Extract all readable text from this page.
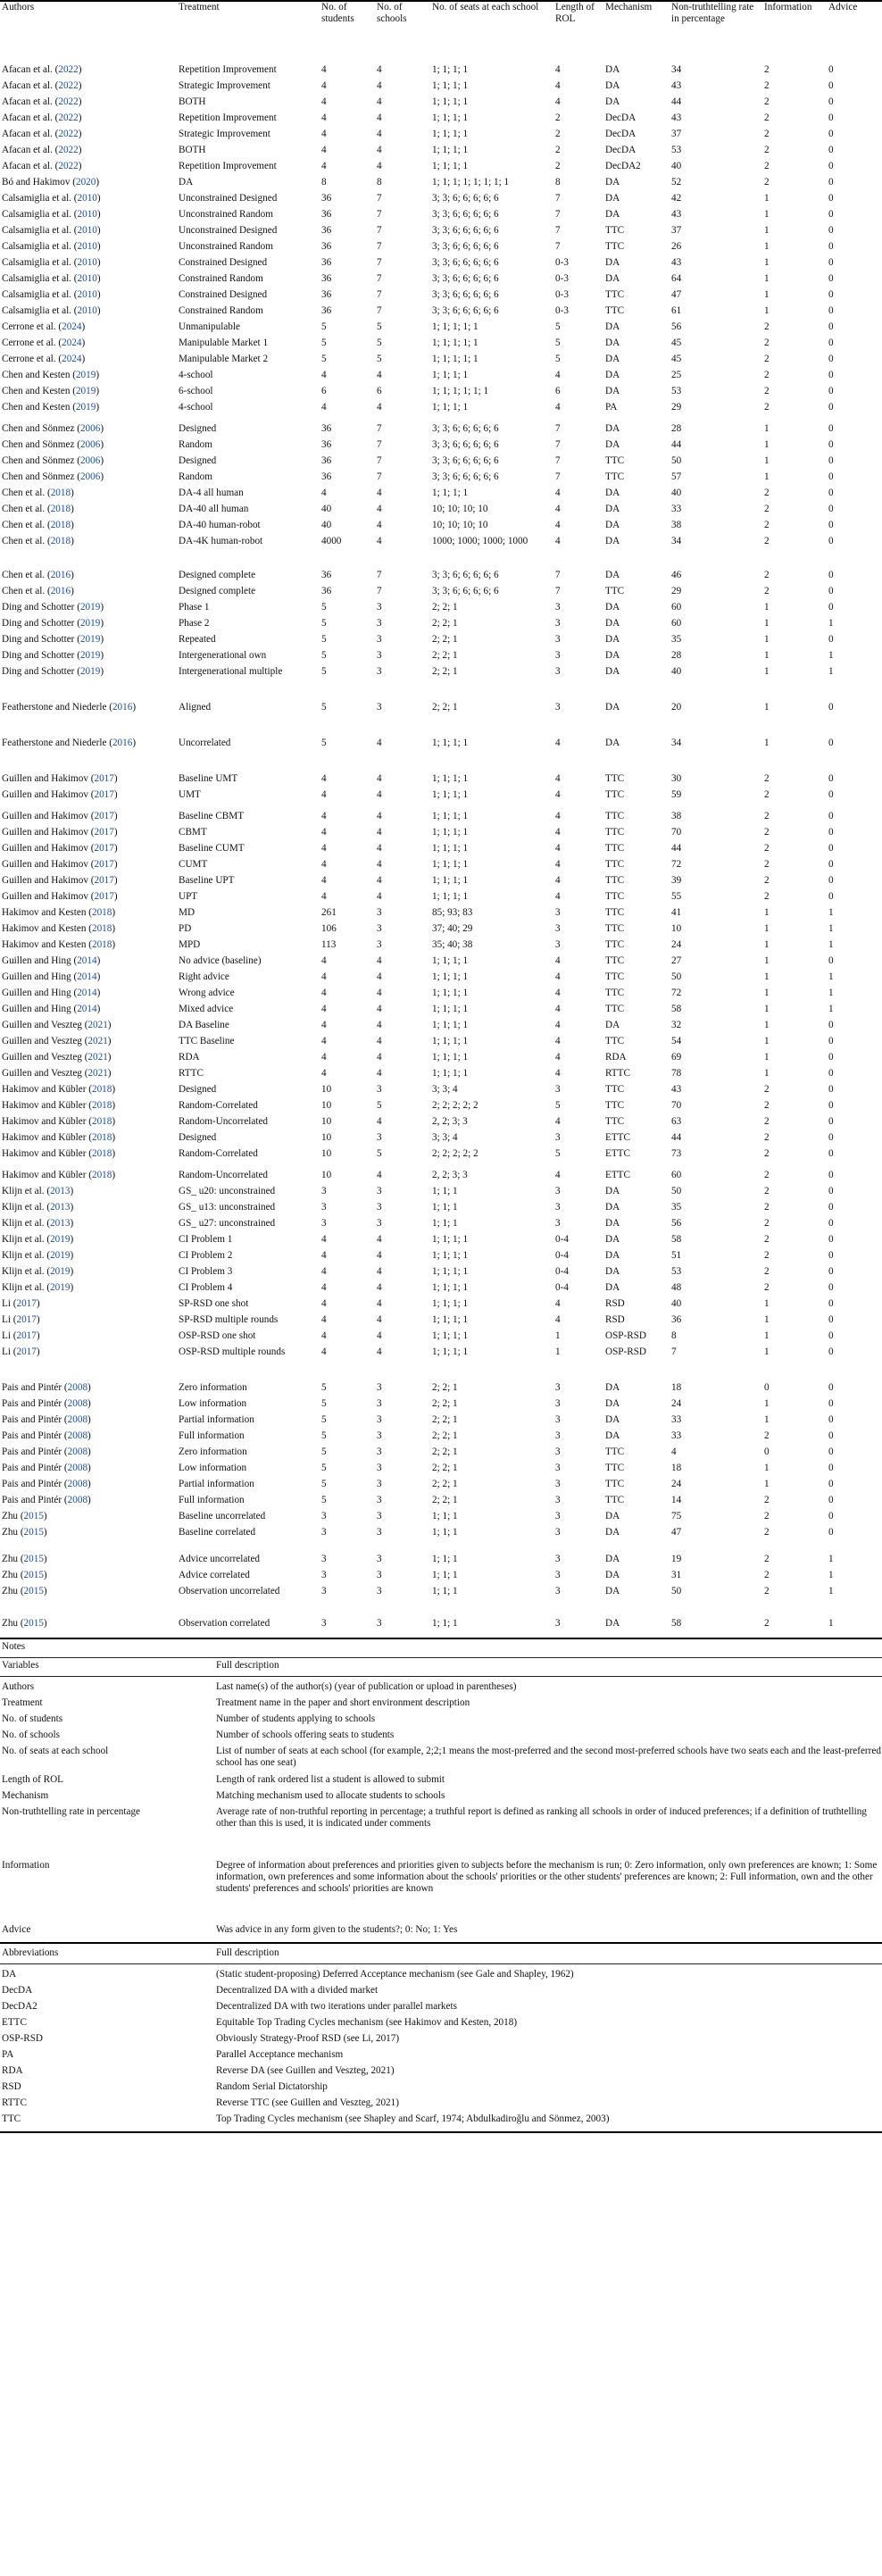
Authors	Treatment	No. of students	No. of schools	No. of seats at each school	Length of ROL	Mechanism	Non-truthtelling rate in percentage	Information	Advice
Afacan et al. (2022)	Repetition Improvement	4	4	1; 1; 1; 1	4	DA	34	2	0
Afacan et al. (2022)	Strategic Improvement	4	4	1; 1; 1; 1	4	DA	43	2	0
Afacan et al. (2022)	BOTH	4	4	1; 1; 1; 1	4	DA	44	2	0
Afacan et al. (2022)	Repetition Improvement	4	4	1; 1; 1; 1	2	DecDA	43	2	0
Afacan et al. (2022)	Strategic Improvement	4	4	1; 1; 1; 1	2	DecDA	37	2	0
Afacan et al. (2022)	BOTH	4	4	1; 1; 1; 1	2	DecDA	53	2	0
Afacan et al. (2022)	Repetition Improvement	4	4	1; 1; 1; 1	2	DecDA2	40	2	0
Bó and Hakimov (2020)	DA	8	8	1; 1; 1; 1; 1; 1; 1; 1	8	DA	52	2	0
Calsamiglia et al. (2010)	Unconstrained Designed	36	7	3; 3; 6; 6; 6; 6; 6	7	DA	42	1	0
Calsamiglia et al. (2010)	Unconstrained Random	36	7	3; 3; 6; 6; 6; 6; 6	7	DA	43	1	0
Calsamiglia et al. (2010)	Unconstrained Designed	36	7	3; 3; 6; 6; 6; 6; 6	7	TTC	37	1	0
Calsamiglia et al. (2010)	Unconstrained Random	36	7	3; 3; 6; 6; 6; 6; 6	7	TTC	26	1	0
Calsamiglia et al. (2010)	Constrained Designed	36	7	3; 3; 6; 6; 6; 6; 6	0-3	DA	43	1	0
Calsamiglia et al. (2010)	Constrained Random	36	7	3; 3; 6; 6; 6; 6; 6	0-3	DA	64	1	0
Calsamiglia et al. (2010)	Constrained Designed	36	7	3; 3; 6; 6; 6; 6; 6	0-3	TTC	47	1	0
Calsamiglia et al. (2010)	Constrained Random	36	7	3; 3; 6; 6; 6; 6; 6	0-3	TTC	61	1	0
Cerrone et al. (2024)	Unmanipulable	5	5	1; 1; 1; 1; 1	5	DA	56	2	0
Cerrone et al. (2024)	Manipulable Market 1	5	5	1; 1; 1; 1; 1	5	DA	45	2	0
Cerrone et al. (2024)	Manipulable Market 2	5	5	1; 1; 1; 1; 1	5	DA	45	2	0
Chen and Kesten (2019)	4-school	4	4	1; 1; 1; 1	4	DA	25	2	0
Chen and Kesten (2019)	6-school	6	6	1; 1; 1; 1; 1; 1	6	DA	53	2	0
Chen and Kesten (2019)	4-school	4	4	1; 1; 1; 1	4	PA	29	2	0
Chen and Sönmez (2006)	Designed	36	7	3; 3; 6; 6; 6; 6; 6	7	DA	28	1	0
Chen and Sönmez (2006)	Random	36	7	3; 3; 6; 6; 6; 6; 6	7	DA	44	1	0
Chen and Sönmez (2006)	Designed	36	7	3; 3; 6; 6; 6; 6; 6	7	TTC	50	1	0
Chen and Sönmez (2006)	Random	36	7	3; 3; 6; 6; 6; 6; 6	7	TTC	57	1	0
Chen et al. (2018)	DA-4 all human	4	4	1; 1; 1; 1	4	DA	40	2	0
Chen et al. (2018)	DA-40 all human	40	4	10; 10; 10; 10	4	DA	33	2	0
Chen et al. (2018)	DA-40 human-robot	40	4	10; 10; 10; 10	4	DA	38	2	0
Chen et al. (2018)	DA-4K human-robot	4000	4	1000; 1000; 1000; 1000	4	DA	34	2	0
Chen et al. (2016)	Designed complete	36	7	3; 3; 6; 6; 6; 6; 6	7	DA	46	2	0
Chen et al. (2016)	Designed complete	36	7	3; 3; 6; 6; 6; 6; 6	7	TTC	29	2	0
Ding and Schotter (2019)	Phase 1	5	3	2; 2; 1	3	DA	60	1	0
Ding and Schotter (2019)	Phase 2	5	3	2; 2; 1	3	DA	60	1	1
Ding and Schotter (2019)	Repeated	5	3	2; 2; 1	3	DA	35	1	0
Ding and Schotter (2019)	Intergenerational own	5	3	2; 2; 1	3	DA	28	1	1
Ding and Schotter (2019)	Intergenerational multiple	5	3	2; 2; 1	3	DA	40	1	1
Featherstone and Niederle (2016)	Aligned	5	3	2; 2; 1	3	DA	20	1	0
Featherstone and Niederle (2016)	Uncorrelated	5	4	1; 1; 1; 1	4	DA	34	1	0
Guillen and Hakimov (2017)	Baseline UMT	4	4	1; 1; 1; 1	4	TTC	30	2	0
Guillen and Hakimov (2017)	UMT	4	4	1; 1; 1; 1	4	TTC	59	2	0
Guillen and Hakimov (2017)	Baseline CBMT	4	4	1; 1; 1; 1	4	TTC	38	2	0
Guillen and Hakimov (2017)	CBMT	4	4	1; 1; 1; 1	4	TTC	70	2	0
Guillen and Hakimov (2017)	Baseline CUMT	4	4	1; 1; 1; 1	4	TTC	44	2	0
Guillen and Hakimov (2017)	CUMT	4	4	1; 1; 1; 1	4	TTC	72	2	0
Guillen and Hakimov (2017)	Baseline UPT	4	4	1; 1; 1; 1	4	TTC	39	2	0
Guillen and Hakimov (2017)	UPT	4	4	1; 1; 1; 1	4	TTC	55	2	0
Hakimov and Kesten (2018)	MD	261	3	85; 93; 83	3	TTC	41	1	1
Hakimov and Kesten (2018)	PD	106	3	37; 40; 29	3	TTC	10	1	1
Hakimov and Kesten (2018)	MPD	113	3	35; 40; 38	3	TTC	24	1	1
Guillen and Hing (2014)	No advice (baseline)	4	4	1; 1; 1; 1	4	TTC	27	1	0
Guillen and Hing (2014)	Right advice	4	4	1; 1; 1; 1	4	TTC	50	1	1
Guillen and Hing (2014)	Wrong advice	4	4	1; 1; 1; 1	4	TTC	72	1	1
Guillen and Hing (2014)	Mixed advice	4	4	1; 1; 1; 1	4	TTC	58	1	1
Guillen and Veszteg (2021)	DA Baseline	4	4	1; 1; 1; 1	4	DA	32	1	0
Guillen and Veszteg (2021)	TTC Baseline	4	4	1; 1; 1; 1	4	TTC	54	1	0
Guillen and Veszteg (2021)	RDA	4	4	1; 1; 1; 1	4	RDA	69	1	0
Guillen and Veszteg (2021)	RTTC	4	4	1; 1; 1; 1	4	RTTC	78	1	0
Hakimov and Kübler (2018)	Designed	10	3	3; 3; 4	3	TTC	43	2	0
Hakimov and Kübler (2018)	Random-Correlated	10	5	2; 2; 2; 2; 2	5	TTC	70	2	0
Hakimov and Kübler (2018)	Random-Uncorrelated	10	4	2, 2; 3; 3	4	TTC	63	2	0
Hakimov and Kübler (2018)	Designed	10	3	3; 3; 4	3	ETTC	44	2	0
Hakimov and Kübler (2018)	Random-Correlated	10	5	2; 2; 2; 2; 2	5	ETTC	73	2	0
Hakimov and Kübler (2018)	Random-Uncorrelated	10	4	2, 2; 3; 3	4	ETTC	60	2	0
Klijn et al. (2013)	GS_ u20: unconstrained	3	3	1; 1; 1	3	DA	50	2	0
Klijn et al. (2013)	GS_ u13: unconstrained	3	3	1; 1; 1	3	DA	35	2	0
Klijn et al. (2013)	GS_ u27: unconstrained	3	3	1; 1; 1	3	DA	56	2	0
Klijn et al. (2019)	CI Problem 1	4	4	1; 1; 1; 1	0-4	DA	58	2	0
Klijn et al. (2019)	CI Problem 2	4	4	1; 1; 1; 1	0-4	DA	51	2	0
Klijn et al. (2019)	CI Problem 3	4	4	1; 1; 1; 1	0-4	DA	53	2	0
Klijn et al. (2019)	CI Problem 4	4	4	1; 1; 1; 1	0-4	DA	48	2	0
Li (2017)	SP-RSD one shot	4	4	1; 1; 1; 1	4	RSD	40	1	0
Li (2017)	SP-RSD multiple rounds	4	4	1; 1; 1; 1	4	RSD	36	1	0
Li (2017)	OSP-RSD one shot	4	4	1; 1; 1; 1	1	OSP-RSD	8	1	0
Li (2017)	OSP-RSD multiple rounds	4	4	1; 1; 1; 1	1	OSP-RSD	7	1	0
Pais and Pintér (2008)	Zero information	5	3	2; 2; 1	3	DA	18	0	0
Pais and Pintér (2008)	Low information	5	3	2; 2; 1	3	DA	24	1	0
Pais and Pintér (2008)	Partial information	5	3	2; 2; 1	3	DA	33	1	0
Pais and Pintér (2008)	Full information	5	3	2; 2; 1	3	DA	33	2	0
Pais and Pintér (2008)	Zero information	5	3	2; 2; 1	3	TTC	4	0	0
Pais and Pintér (2008)	Low information	5	3	2; 2; 1	3	TTC	18	1	0
Pais and Pintér (2008)	Partial information	5	3	2; 2; 1	3	TTC	24	1	0
Pais and Pintér (2008)	Full information	5	3	2; 2; 1	3	TTC	14	2	0
Zhu (2015)	Baseline uncorrelated	3	3	1; 1; 1	3	DA	75	2	0
Zhu (2015)	Baseline correlated	3	3	1; 1; 1	3	DA	47	2	0
Zhu (2015)	Advice uncorrelated	3	3	1; 1; 1	3	DA	19	2	1
Zhu (2015)	Advice correlated	3	3	1; 1; 1	3	DA	31	2	1
Zhu (2015)	Observation uncorrelated	3	3	1; 1; 1	3	DA	50	2	1
Zhu (2015)	Observation correlated	3	3	1; 1; 1	3	DA	58	2	1
Notes
Variables	Full description

Authors	Last name(s) of the author(s) (year of publication or upload in parentheses)
Treatment	Treatment name in the paper and short environment description
No. of students	Number of students applying to schools
No. of schools	Number of schools offering seats to students
No. of seats at each school	List of number of seats at each school (for example, 2;2;1 means the most-preferred and the second most-preferred schools have two seats each and the least-preferred school has one seat)
Length of ROL	Length of rank ordered list a student is allowed to submit
Mechanism	Matching mechanism used to allocate students to schools
Non-truthtelling rate in percentage	Average rate of non-truthful reporting in percentage; a truthful report is defined as ranking all schools in order of induced preferences; if a definition of truthtelling other than this is used, it is indicated under comments
Information	Degree of information about preferences and priorities given to subjects before the mechanism is run; 0: Zero information, only own preferences are known; 1: Some information, own preferences and some information about the schools' priorities or the other students' preferences are known; 2: Full information, own and the other students' preferences and schools' priorities are known
Advice	Was advice in any form given to the students?; 0: No; 1: Yes
Abbreviations	Full description

DA	(Static student-proposing) Deferred Acceptance mechanism (see Gale and Shapley, 1962)
DecDA	Decentralized DA with a divided market
DecDA2	Decentralized DA with two iterations under parallel markets
ETTC	Equitable Top Trading Cycles mechanism (see Hakimov and Kesten, 2018)
OSP-RSD	Obviously Strategy-Proof RSD (see Li, 2017)
PA	Parallel Acceptance mechanism
RDA	Reverse DA (see Guillen and Veszteg, 2021)
RSD	Random Serial Dictatorship
RTTC	Reverse TTC (see Guillen and Veszteg, 2021)
TTC	Top Trading Cycles mechanism (see Shapley and Scarf, 1974; Abdulkadiroğlu and Sönmez, 2003)
